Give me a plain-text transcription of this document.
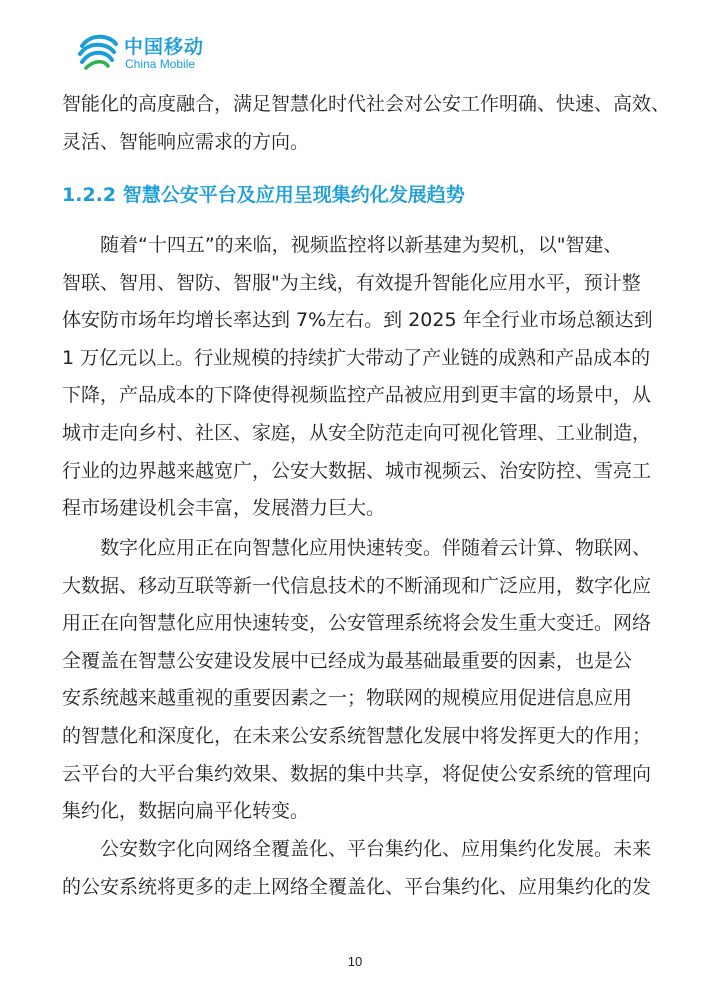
中国移动
China Mobile
智能化的高度融合，满足智慧化时代社会对公安工作明确、快速、高效、
灵活、智能响应需求的方向。
1.2.2 智慧公安平台及应用呈现集约化发展趋势
随着“十四五”的来临，视频监控将以新基建为契机，以"智建、
智联、智用、智防、智服"为主线，有效提升智能化应用水平，预计整
体安防市场年均增长率达到 7%左右。到 2025 年全行业市场总额达到
1 万亿元以上。行业规模的持续扩大带动了产业链的成熟和产品成本的
下降，产品成本的下降使得视频监控产品被应用到更丰富的场景中，从
城市走向乡村、社区、家庭，从安全防范走向可视化管理、工业制造，
行业的边界越来越宽广，公安大数据、城市视频云、治安防控、雪亮工
程市场建设机会丰富，发展潜力巨大。
数字化应用正在向智慧化应用快速转变。伴随着云计算、物联网、
大数据、移动互联等新一代信息技术的不断涌现和广泛应用，数字化应
用正在向智慧化应用快速转变，公安管理系统将会发生重大变迁。网络
全覆盖在智慧公安建设发展中已经成为最基础最重要的因素，也是公
安系统越来越重视的重要因素之一；物联网的规模应用促进信息应用
的智慧化和深度化，在未来公安系统智慧化发展中将发挥更大的作用；
云平台的大平台集约效果、数据的集中共享，将促使公安系统的管理向
集约化，数据向扁平化转变。
公安数字化向网络全覆盖化、平台集约化、应用集约化发展。未来
的公安系统将更多的走上网络全覆盖化、平台集约化、应用集约化的发
10
